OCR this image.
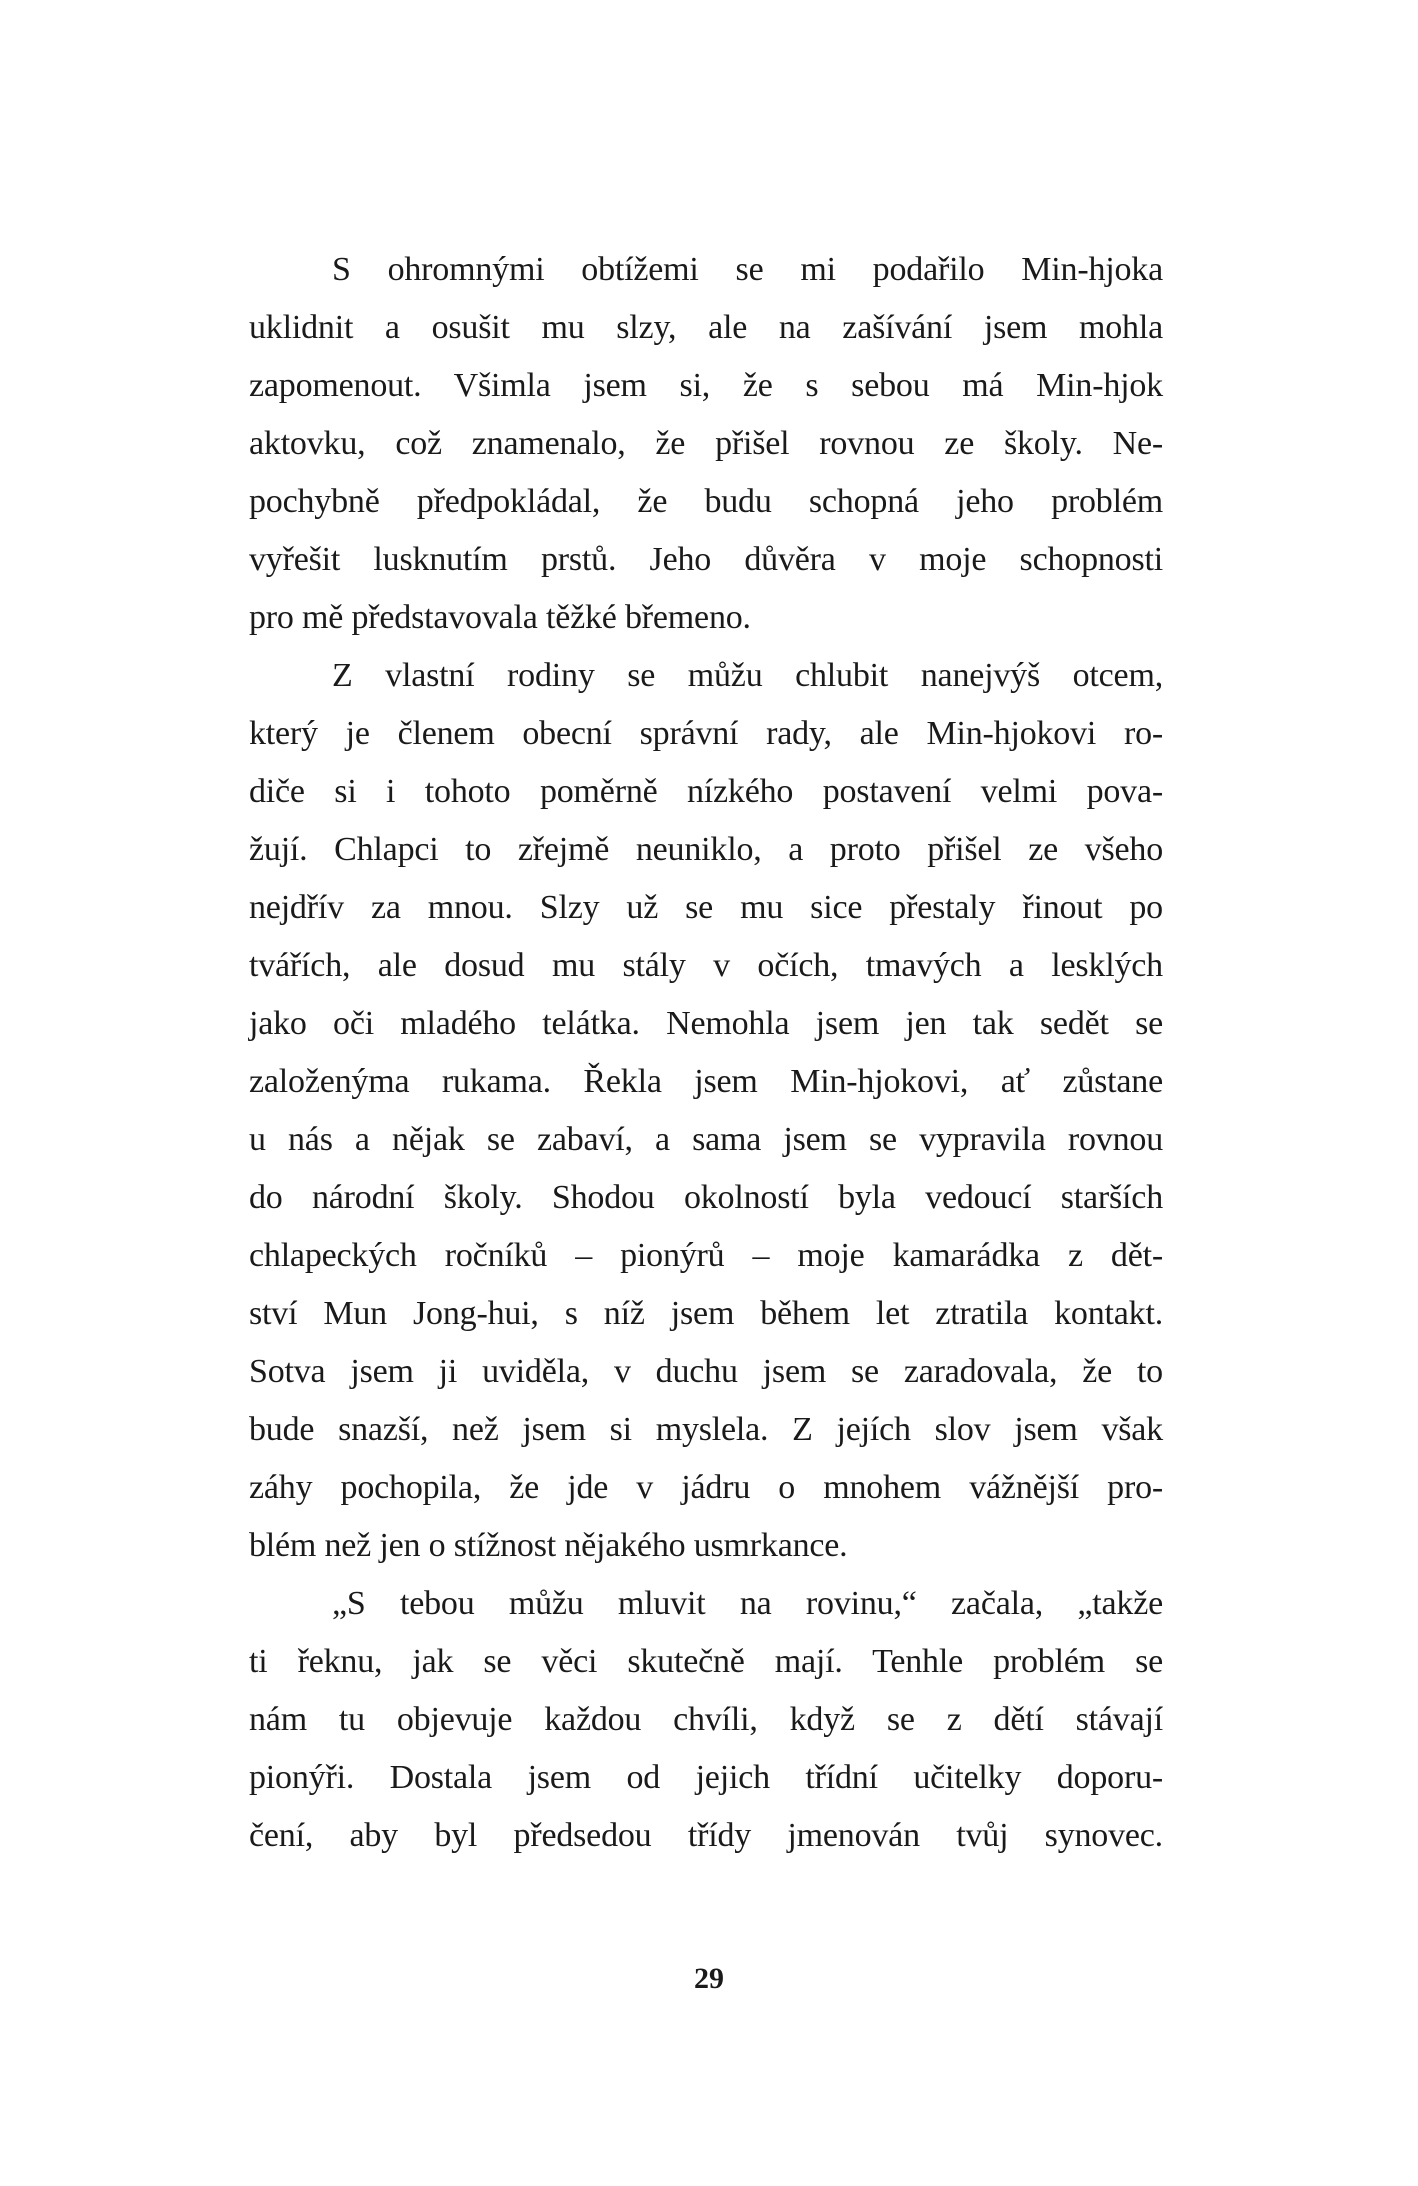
S ohromnými obtížemi se mi podařilo Min-hjoka
uklidnit a osušit mu slzy, ale na zašívání jsem mohla
zapomenout. Všimla jsem si, že s sebou má Min-hjok
aktovku, což znamenalo, že přišel rovnou ze školy. Ne-
pochybně předpokládal, že budu schopná jeho problém
vyřešit lusknutím prstů. Jeho důvěra v moje schopnosti
pro mě představovala těžké břemeno.
Z vlastní rodiny se můžu chlubit nanejvýš otcem,
který je členem obecní správní rady, ale Min-hjokovi ro-
diče si i tohoto poměrně nízkého postavení velmi pova-
žují. Chlapci to zřejmě neuniklo, a proto přišel ze všeho
nejdřív za mnou. Slzy už se mu sice přestaly řinout po
tvářích, ale dosud mu stály v očích, tmavých a lesklých
jako oči mladého telátka. Nemohla jsem jen tak sedět se
založenýma rukama. Řekla jsem Min-hjokovi, ať zůstane
u nás a nějak se zabaví, a sama jsem se vypravila rovnou
do národní školy. Shodou okolností byla vedoucí starších
chlapeckých ročníků – pionýrů – moje kamarádka z dět-
ství Mun Jong-hui, s níž jsem během let ztratila kontakt.
Sotva jsem ji uviděla, v duchu jsem se zaradovala, že to
bude snazší, než jsem si myslela. Z jejích slov jsem však
záhy pochopila, že jde v jádru o mnohem vážnější pro-
blém než jen o stížnost nějakého usmrkance.
„S tebou můžu mluvit na rovinu,“ začala, „takže
ti řeknu, jak se věci skutečně mají. Tenhle problém se
nám tu objevuje každou chvíli, když se z dětí stávají
pionýři. Dostala jsem od jejich třídní učitelky doporu-
čení, aby byl předsedou třídy jmenován tvůj synovec.
29
